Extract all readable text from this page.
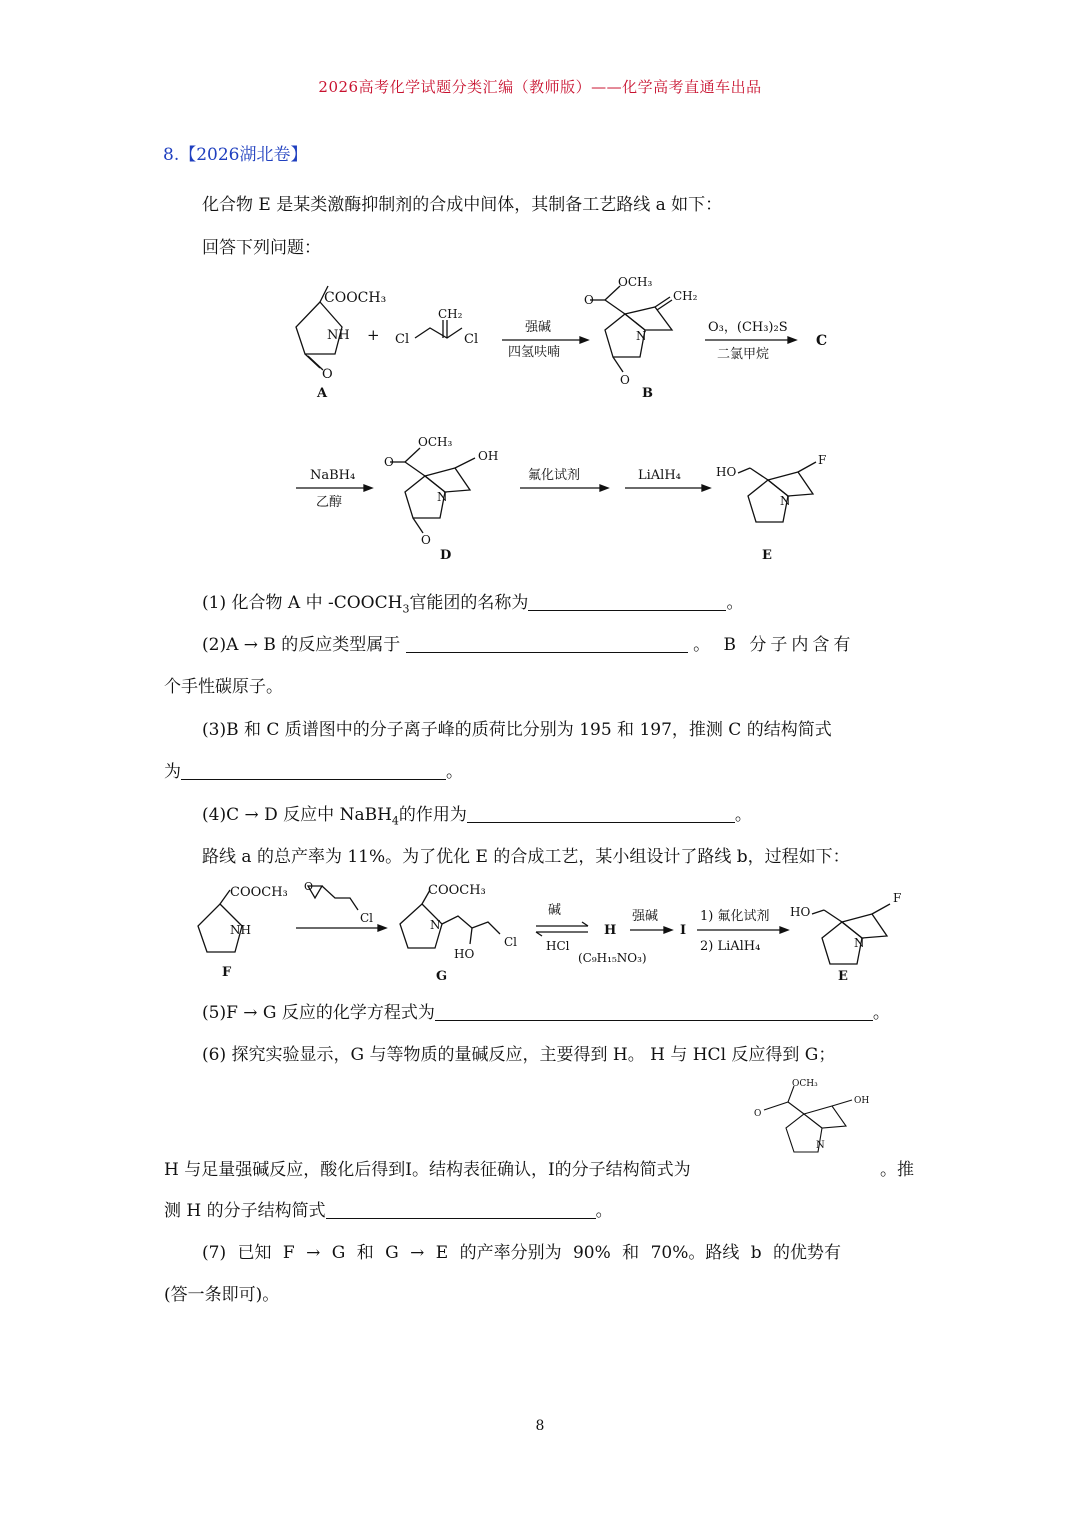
2026高考化学试题分类汇编（教师版）——化学高考直通车出品
8.【2026湖北卷】
化合物 E 是某类激酶抑制剂的合成中间体，其制备工艺路线 a 如下：
回答下列问题：
COOCH₃
NH
O
A
+ Cl	Cl
CH₂
强碱
四氢呋喃
O
OCH₃
CH₂
N
O
B
O₃，(CH₃)₂S
二氯甲烷
C
NaBH₄
乙醇
O
OCH₃
OH
N
O
D
氟化试剂	LiAlH₄	HO
F
N
E
(1) 化合物 A 中 $-COOCH_3$官能团的名称为	。
(2)A → B 的反应类型属于	。 B 分子内含有
个手性碳原子。
(3)B 和 C 质谱图中的分子离子峰的质荷比分别为 195 和 197，推测 C 的结构简式
为	。
(4)C → D 反应中 NaBH$_4$的作用为	。
路线 a 的总产率为 11%。为了优化 E 的合成工艺，某小组设计了路线 b，过程如下：
COOCH₃
NH
F
O
Cl
COOCH₃
N
HO
Cl
G
碱
HCl
H
(C₉H₁₅NO₃)
强碱
I
1) 氟化试剂
2) LiAlH₄
HO
F
N
E
(5)F → G 反应的化学方程式为	。
(6) 探究实验显示，G 与等物质的量碱反应，主要得到 H。 H 与 HCl 反应得到 G；
O
OCH₃
OH
N
H 与足量强碱反应，酸化后得到I。结构表征确认，I的分子结构简式为	。推
测 H 的分子结构简式	。
(7) 已知 F → G 和 G → E 的产率分别为 90% 和 70%。路线 b 的优势有
(答一条即可)。
8
